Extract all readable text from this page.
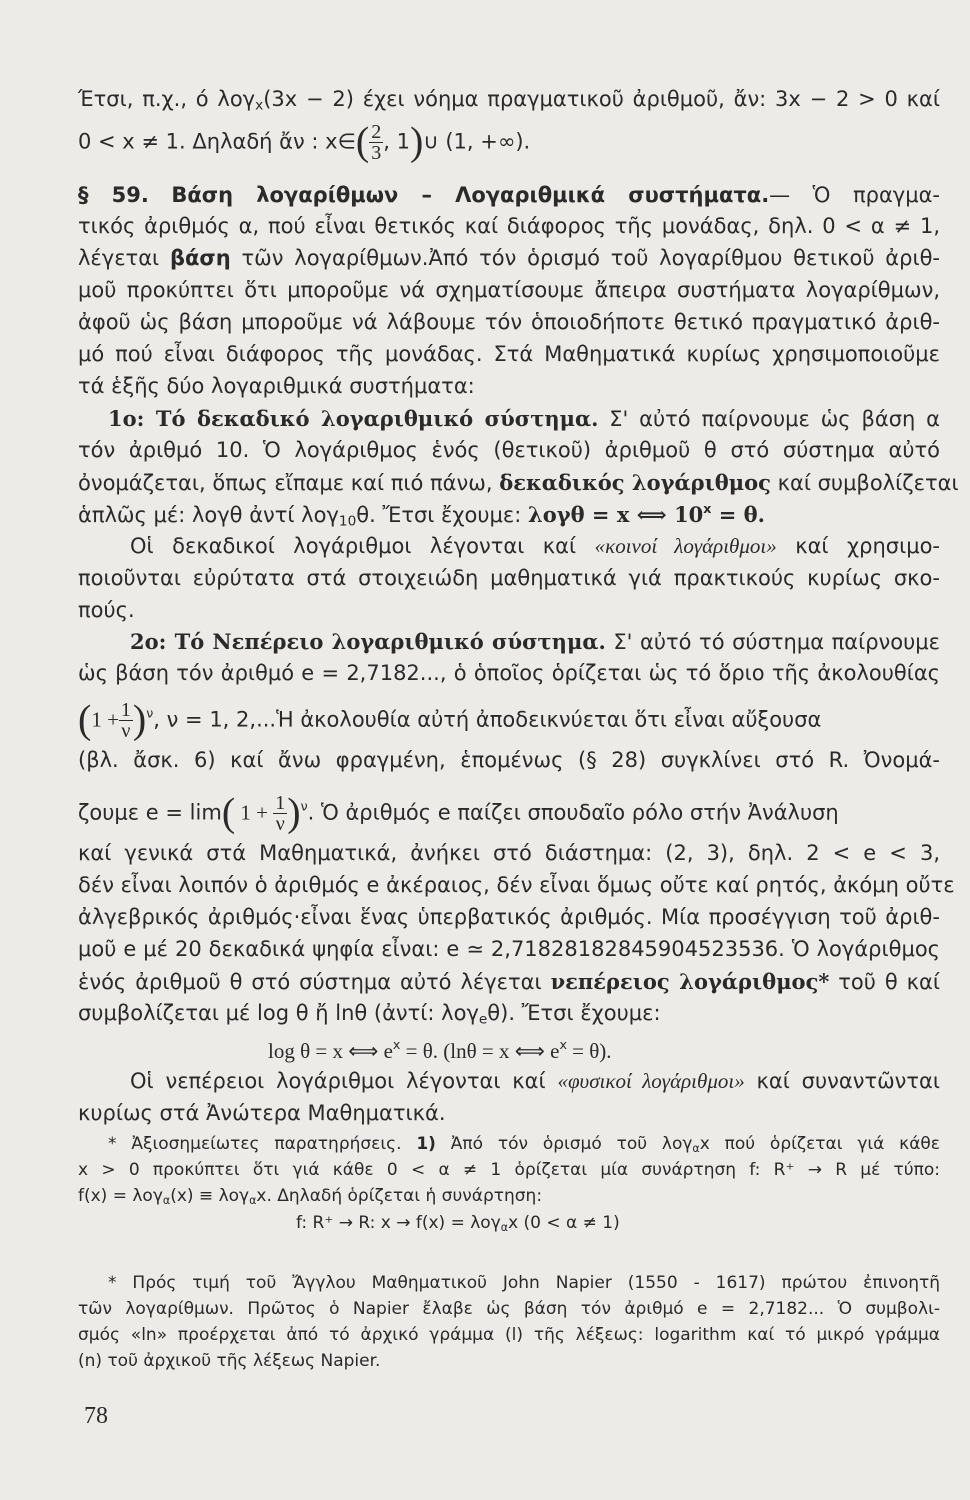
Έτσι, π.χ., ό λογ$_x$(3x − 2) έχει νόημα πραγματικοῦ ἀριθμοῦ, ἄν: 3x − 2 > 0 καί
0 < x ≠ 1. Δηλαδή ἄν : x∈( $\frac{2}{3}$ , 1)∪ (1, +∞).
§ 59. Βάση λογαρίθμων – Λογαριθμικά συστήματα.— Ὁ πραγμα-
τικός ἀριθμός α, πού εἶναι θετικός καί διάφορος τῆς μονάδας, δηλ. 0 < α ≠ 1,
λέγεται βάση τῶν λογαρίθμων.Ἀπό τόν ὁρισμό τοῦ λογαρίθμου θετικοῦ ἀριθ-
μοῦ προκύπτει ὅτι μποροῦμε νά σχηματίσουμε ἄπειρα συστήματα λογαρίθμων,
ἀφοῦ ὡς βάση μποροῦμε νά λάβουμε τόν ὁποιοδήποτε θετικό πραγματικό ἀριθ-
μό πού εἶναι διάφορος τῆς μονάδας. Στά Μαθηματικά κυρίως χρησιμοποιοῦμε
τά ἑξῆς δύο λογαριθμικά συστήματα:
1ο: Τό δεκαδικό λογαριθμικό σύστημα. Σ' αὐτό παίρνουμε ὡς βάση α
τόν ἀριθμό 10. Ὁ λογάριθμος ἑνός (θετικοῦ) ἀριθμοῦ θ στό σύστημα αὐτό
ὀνομάζεται, ὅπως εἴπαμε καί πιό πάνω, δεκαδικός λογάριθμος καί συμβολίζεται
ἁπλῶς μέ: λογθ ἀντί λογ$_{10}$θ. Ἔτσι ἔχουμε: λογθ = x ⟺ $10^x = \theta$.
Οἱ δεκαδικοί λογάριθμοι λέγονται καί «κοινοί λογάριθμοι» καί χρησιμο-
ποιοῦνται εὐρύτατα στά στοιχειώδη μαθηματικά γιά πρακτικούς κυρίως σκο-
πούς.
2ο: Τό Νεπέρειο λογαριθμικό σύστημα. Σ' αὐτό τό σύστημα παίρνουμε
ὡς βάση τόν ἀριθμό e = 2,7182..., ὁ ὁποῖος ὁρίζεται ὡς τό ὅριο τῆς ἀκολουθίας
$(1 + \frac{1}{\nu} )^\nu$, ν = 1, 2,...Ἡ ἀκολουθία αὐτή ἀποδεικνύεται ὅτι εἶναι αὔξουσα
(βλ. ἄσκ. 6) καί ἄνω φραγμένη, ἑπομένως (§ 28) συγκλίνει στό R. Ὀνομά-
ζουμε e = lim( $1 + \frac{1}{\nu} )^\nu$. Ὁ ἀριθμός e παίζει σπουδαῖο ρόλο στήν Ἀνάλυση
καί γενικά στά Μαθηματικά, ἀνήκει στό διάστημα: (2, 3), δηλ. 2 < e < 3,
δέν εἶναι λοιπόν ὁ ἀριθμός e ἀκέραιος, δέν εἶναι ὅμως οὔτε καί ρητός, ἀκόμη οὔτε
ἀλγεβρικός ἀριθμός·εἶναι ἕνας ὑπερβατικός ἀριθμός. Μία προσέγγιση τοῦ ἀριθ-
μοῦ e μέ 20 δεκαδικά ψηφία εἶναι: e ≃ 2,71828182845904523536. Ὁ λογάριθμος
ἑνός ἀριθμοῦ θ στό σύστημα αὐτό λέγεται νεπέρειος λογάριθμος* τοῦ θ καί
συμβολίζεται μέ log θ ἤ lnθ (ἀντί: λογ$_e$θ). Ἔτσι ἔχουμε:
log θ = x ⟺ $e^x = \theta$. (lnθ = x ⟺ $e^x = \theta$).
Οἱ νεπέρειοι λογάριθμοι λέγονται καί «φυσικοί λογάριθμοι» καί συναντῶνται
κυρίως στά Ἀνώτερα Μαθηματικά.
* Ἀξιοσημείωτες παρατηρήσεις. 1) Ἀπό τόν ὁρισμό τοῦ λογ$_\alpha$x πού ὁρίζεται γιά κάθε
x > 0 προκύπτει ὅτι γιά κάθε 0 < α ≠ 1 ὁρίζεται μία συνάρτηση f: R⁺ → R μέ τύπο:
f(x) = λογ$_\alpha$(x) ≡ λογ$_\alpha$x. Δηλαδή ὁρίζεται ἡ συνάρτηση:
f: R⁺ → R: x → f(x) = λογ$_\alpha$x (0 < α ≠ 1)
* Πρός τιμή τοῦ Ἄγγλου Μαθηματικοῦ John Napier (1550 - 1617) πρώτου ἐπινοητῆ
τῶν λογαρίθμων. Πρῶτος ὁ Napier ἔλαβε ὡς βάση τόν ἀριθμό e = 2,7182... Ὁ συμβολι-
σμός «ln» προέρχεται ἀπό τό ἀρχικό γράμμα (l) τῆς λέξεως: logarithm καί τό μικρό γράμμα
(n) τοῦ ἀρχικοῦ τῆς λέξεως Napier.
78
